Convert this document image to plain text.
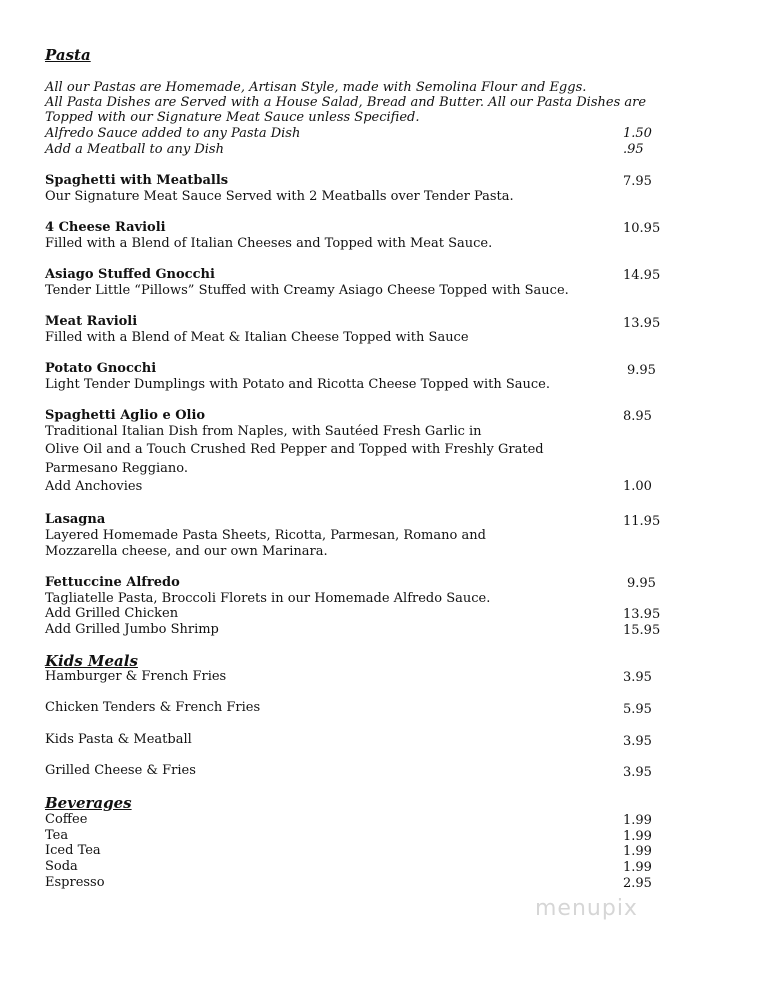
Pasta
All our Pastas are Homemade, Artisan Style, made with Semolina Flour and Eggs.
All Pasta Dishes are Served with a House Salad, Bread and Butter. All our Pasta Dishes are
Topped with our Signature Meat Sauce unless Specified.
Alfredo Sauce added to any Pasta Dish	1.50
Add a Meatball to any Dish	.95
Spaghetti with Meatballs	7.95
Our Signature Meat Sauce Served with 2 Meatballs over Tender Pasta.
4 Cheese Ravioli	10.95
Filled with a Blend of Italian Cheeses and Topped with Meat Sauce.
Asiago Stuffed Gnocchi	14.95
Tender Little “Pillows” Stuffed with Creamy Asiago Cheese Topped with Sauce.
Meat Ravioli	13.95
Filled with a Blend of Meat & Italian Cheese Topped with Sauce
Potato Gnocchi	9.95
Light Tender Dumplings with Potato and Ricotta Cheese Topped with Sauce.
Spaghetti Aglio e Olio	8.95
Traditional Italian Dish from Naples, with Sautéed Fresh Garlic in
Olive Oil and a Touch Crushed Red Pepper and Topped with Freshly Grated
Parmesano Reggiano.
Add Anchovies	1.00
Lasagna	11.95
Layered Homemade Pasta Sheets, Ricotta, Parmesan, Romano and
Mozzarella cheese, and our own Marinara.
Fettuccine Alfredo	9.95
Tagliatelle Pasta, Broccoli Florets in our Homemade Alfredo Sauce.
Add Grilled Chicken	13.95
Add Grilled Jumbo Shrimp	15.95
Kids Meals
Hamburger & French Fries	3.95
Chicken Tenders & French Fries	5.95
Kids Pasta & Meatball	3.95
Grilled Cheese & Fries	3.95
Beverages
Coffee	1.99
Tea	1.99
Iced Tea	1.99
Soda	1.99
Espresso	2.95
menupix
